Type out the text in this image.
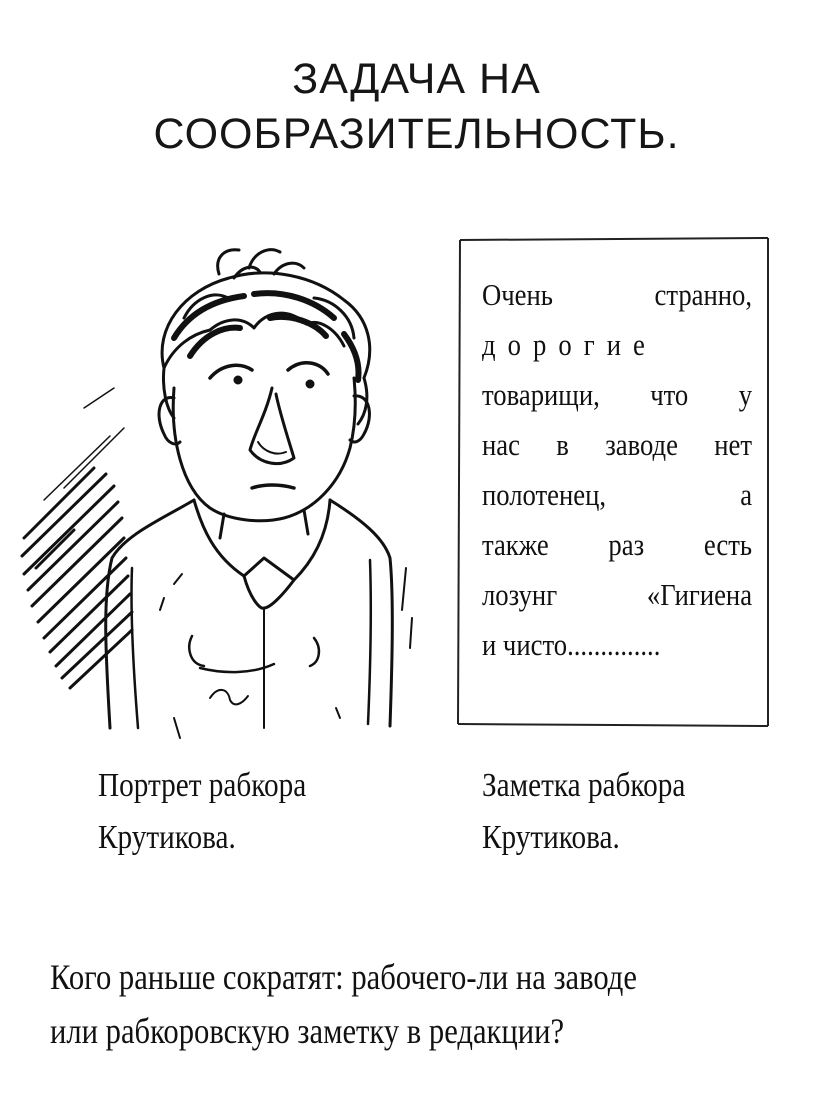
ЗАДАЧА НА
СООБРАЗИТЕЛЬНОСТЬ.
Очень странно,
дорогие
товарищи, что у
нас в заводе нет
полотенец, а
также раз есть
лозунг «Гигиена
и чисто..............
Портрет рабкора
Крутикова.
Заметка рабкора
Крутикова.
Кого раньше сократят: рабочего-ли на заводе
или рабкоровскую заметку в редакции?
